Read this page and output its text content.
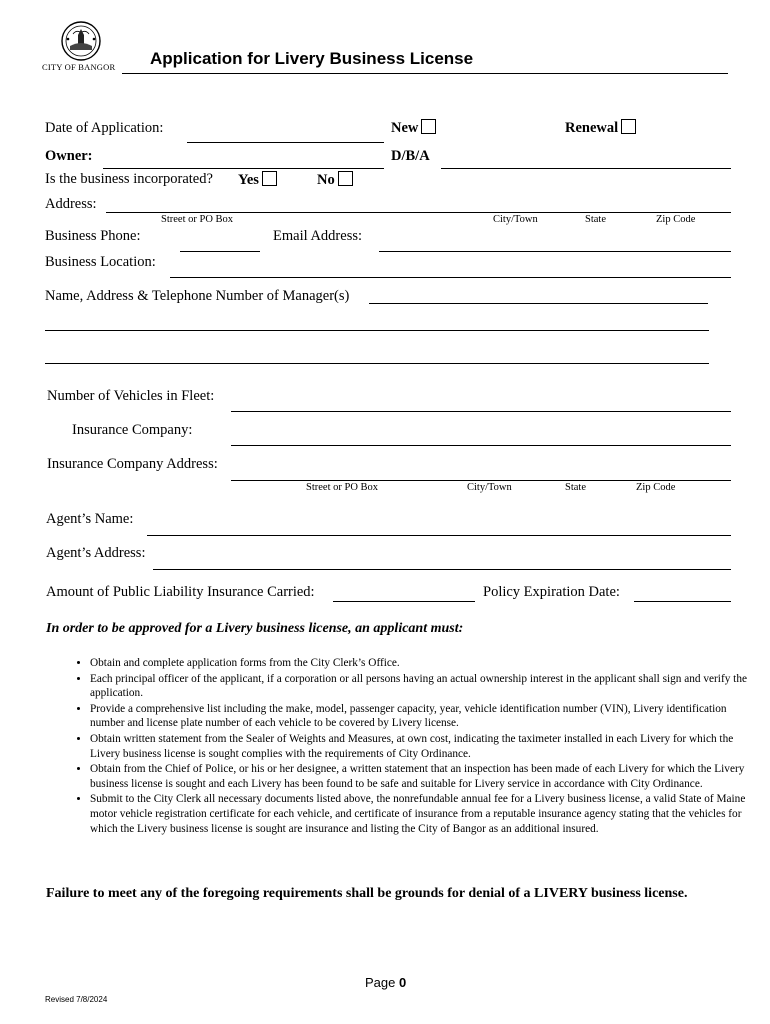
CITY OF BANGOR Application for Livery Business License
Date of Application:	New	Renewal
Owner:	D/B/A
Is the business incorporated? Yes	No
Address:
Street or PO Box	City/Town	State	Zip Code
Business Phone:	Email Address:
Business Location:
Name, Address & Telephone Number of Manager(s)
Number of Vehicles in Fleet:
Insurance Company:
Insurance Company Address:
Street or PO Box	City/Town	State	Zip Code
Agent’s Name:
Agent’s Address:
Amount of Public Liability Insurance Carried:	Policy Expiration Date:
In order to be approved for a Livery business license, an applicant must:
• Obtain and complete application forms from the City Clerk’s Office.
• Each principal officer of the applicant, if a corporation or all persons having an actual ownership interest in the applicant shall sign and verify the application.
• Provide a comprehensive list including the make, model, passenger capacity, year, vehicle identification number (VIN), Livery identification number and license plate number of each vehicle to be covered by Livery license.
• Obtain written statement from the Sealer of Weights and Measures, at own cost, indicating the taximeter installed in each Livery for which the Livery business license is sought complies with the requirements of City Ordinance.
• Obtain from the Chief of Police, or his or her designee, a written statement that an inspection has been made of each Livery for which the Livery business license is sought and each Livery has been found to be safe and suitable for Livery service in accordance with City Ordinance.
• Submit to the City Clerk all necessary documents listed above, the nonrefundable annual fee for a Livery business license, a valid State of Maine motor vehicle registration certificate for each vehicle, and certificate of insurance from a reputable insurance agency stating that the vehicles for which the Livery business license is sought are insurance and listing the City of Bangor as an additional insured.
Failure to meet any of the foregoing requirements shall be grounds for denial of a LIVERY business license.
Page 0
Revised 7/8/2024
